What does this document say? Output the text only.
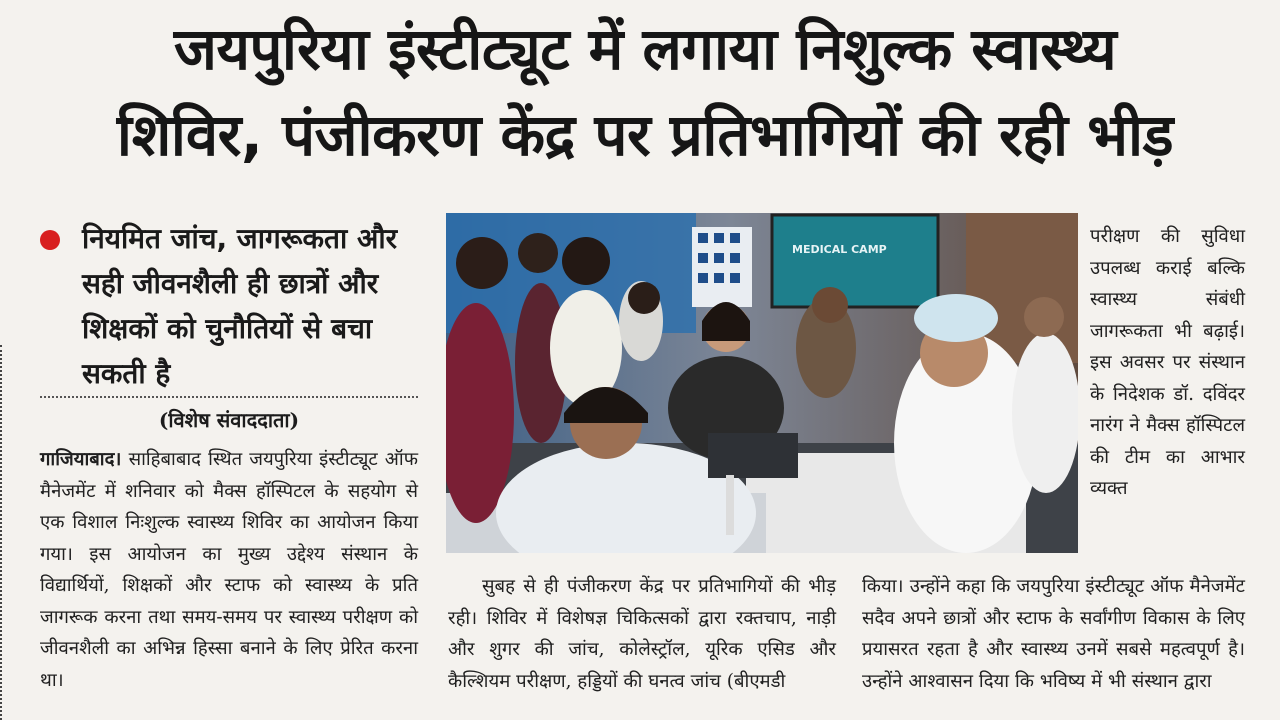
जयपुरिया इंस्टीट्यूट में लगाया निशुल्क स्वास्थ्य
शिविर, पंजीकरण केंद्र पर प्रतिभागियों की रही भीड़

नियमित जांच, जागरूकता और सही जीवनशैली ही छात्रों और शिक्षकों को चुनौतियों से बचा सकती है

(विशेष संवाददाता)

गाजियाबाद। साहिबाबाद स्थित जयपुरिया इंस्टीट्यूट ऑफ मैनेजमेंट में शनिवार को मैक्स हॉस्पिटल के सहयोग से एक विशाल निःशुल्क स्वास्थ्य शिविर का आयोजन किया गया। इस आयोजन का मुख्य उद्देश्य संस्थान के विद्यार्थियों, शिक्षकों और स्टाफ को स्वास्थ्य के प्रति जागरूक करना तथा समय-समय पर स्वास्थ्य परीक्षण को जीवनशैली का अभिन्न हिस्सा बनाने के लिए प्रेरित करना था।

MEDICAL CAMP

परीक्षण की सुविधा उपलब्ध कराई बल्कि स्वास्थ्य संबंधी जागरूकता भी बढ़ाई। इस अवसर पर संस्थान के निदेशक डॉ. दविंदर नारंग ने मैक्स हॉस्पिटल की टीम का आभार व्यक्त

सुबह से ही पंजीकरण केंद्र पर प्रतिभागियों की भीड़ रही। शिविर में विशेषज्ञ चिकित्सकों द्वारा रक्तचाप, नाड़ी और शुगर की जांच, कोलेस्ट्रॉल, यूरिक एसिड और कैल्शियम परीक्षण, हड्डियों की घनत्व जांच (बीएमडी

किया। उन्होंने कहा कि जयपुरिया इंस्टीट्यूट ऑफ मैनेजमेंट सदैव अपने छात्रों और स्टाफ के सर्वांगीण विकास के लिए प्रयासरत रहता है और स्वास्थ्य उनमें सबसे महत्वपूर्ण है। उन्होंने आश्वासन दिया कि भविष्य में भी संस्थान द्वारा
